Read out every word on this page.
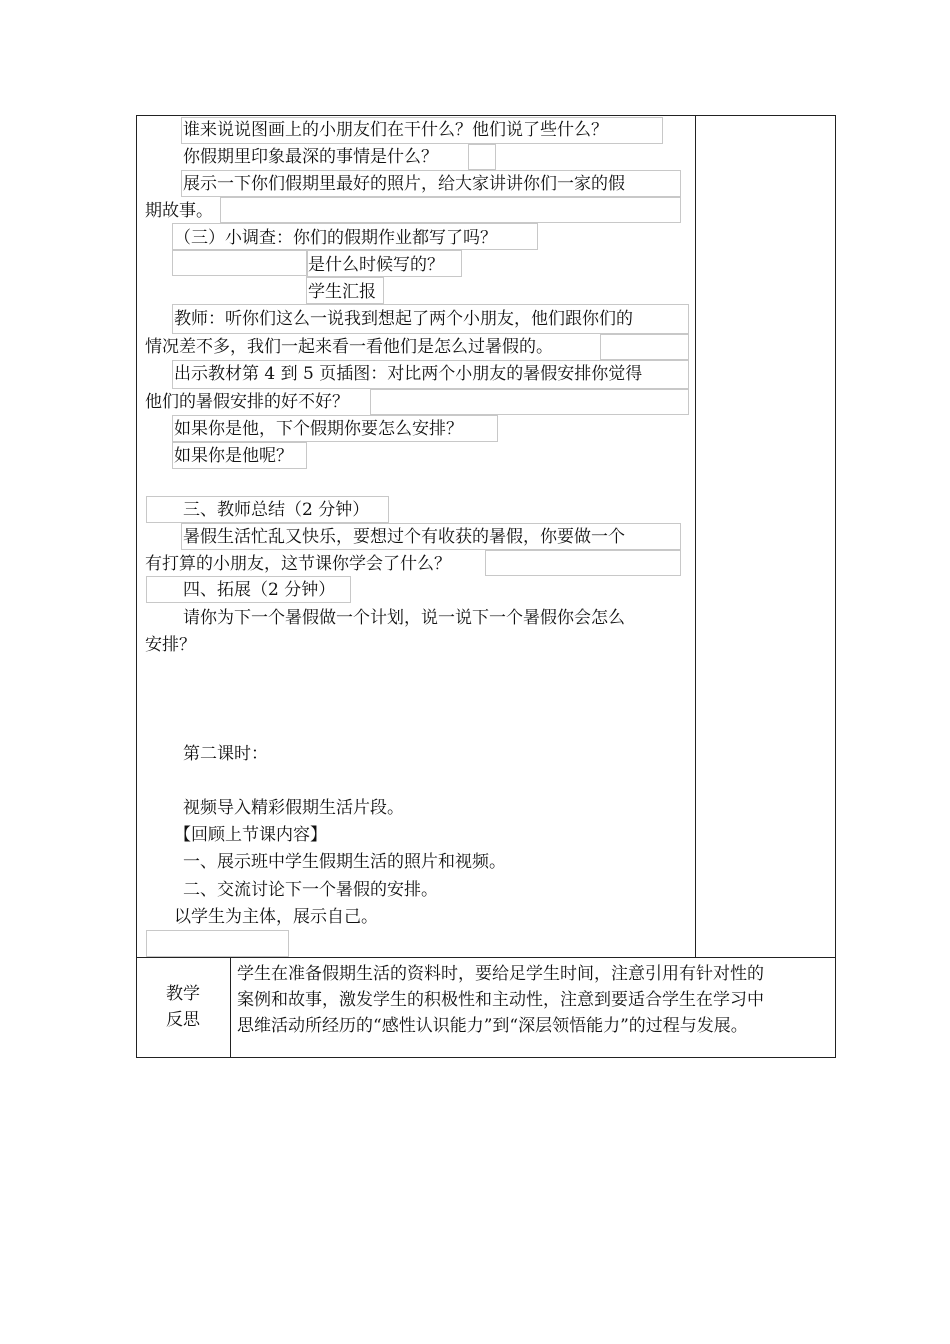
谁来说说图画上的小朋友们在干什么？他们说了些什么？
你假期里印象最深的事情是什么？
展示一下你们假期里最好的照片，给大家讲讲你们一家的假
期故事。
（三）小调查：你们的假期作业都写了吗？
是什么时候写的？
学生汇报
教师：听你们这么一说我到想起了两个小朋友，他们跟你们的
情况差不多，我们一起来看一看他们是怎么过暑假的。
出示教材第 4 到 5 页插图：对比两个小朋友的暑假安排你觉得
他们的暑假安排的好不好？
如果你是他，下个假期你要怎么安排？
如果你是他呢？
三、教师总结（2 分钟）
暑假生活忙乱又快乐，要想过个有收获的暑假，你要做一个
有打算的小朋友，这节课你学会了什么？
四、拓展（2 分钟）
请你为下一个暑假做一个计划，说一说下一个暑假你会怎么
安排？
第二课时：
视频导入精彩假期生活片段。
【回顾上节课内容】
一、展示班中学生假期生活的照片和视频。
二、交流讨论下一个暑假的安排。
以学生为主体，展示自己。
教学
反思
学生在准备假期生活的资料时，要给足学生时间，注意引用有针对性的
案例和故事，激发学生的积极性和主动性，注意到要适合学生在学习中
思维活动所经历的“感性认识能力”到“深层领悟能力”的过程与发展。
